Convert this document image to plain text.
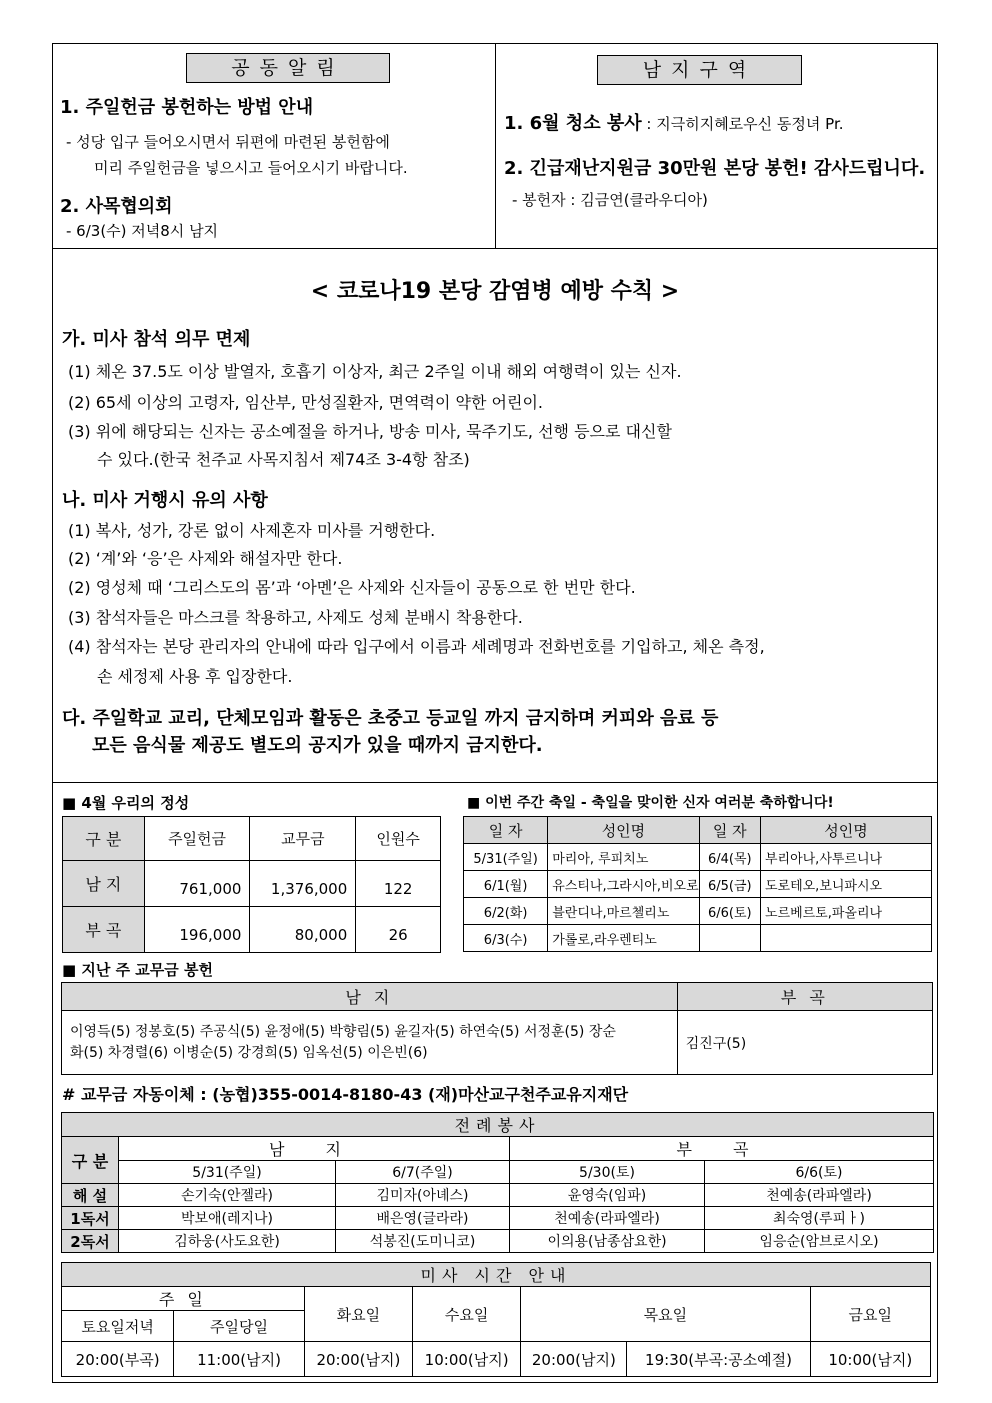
공동알림
1. 주일헌금 봉헌하는 방법 안내
- 성당 입구 들어오시면서 뒤편에 마련된 봉헌함에
미리 주일헌금을 넣으시고 들어오시기 바랍니다.
2. 사목협의회
- 6/3(수) 저녁8시 남지
남지구역
1. 6월 청소 봉사 : 지극히지혜로우신 동정녀 Pr.
2. 긴급재난지원금 30만원 본당 봉헌! 감사드립니다.
- 봉헌자 : 김금연(클라우디아)
< 코로나19 본당 감염병 예방 수칙 >
가. 미사 참석 의무 면제
(1) 체온 37.5도 이상 발열자, 호흡기 이상자, 최근 2주일 이내 해외 여행력이 있는 신자.
(2) 65세 이상의 고령자, 임산부, 만성질환자, 면역력이 약한 어린이.
(3) 위에 해당되는 신자는 공소예절을 하거나, 방송 미사, 묵주기도, 선행 등으로 대신할
수 있다.(한국 천주교 사목지침서 제74조 3-4항 참조)
나. 미사 거행시 유의 사항
(1) 복사, 성가, 강론 없이 사제혼자 미사를 거행한다.
(2) ‘계’와 ‘응’은 사제와 해설자만 한다.
(2) 영성체 때 ‘그리스도의 몸’과 ‘아멘’은 사제와 신자들이 공동으로 한 번만 한다.
(3) 참석자들은 마스크를 착용하고, 사제도 성체 분배시 착용한다.
(4) 참석자는 본당 관리자의 안내에 따라 입구에서 이름과 세례명과 전화번호를 기입하고, 체온 측정,
손 세정제 사용 후 입장한다.
다. 주일학교 교리, 단체모임과 활동은 초중고 등교일 까지 금지하며 커피와 음료 등
모든 음식물 제공도 별도의 공지가 있을 때까지 금지한다.
■ 4월 우리의 정성
구 분	주일헌금	교무금	인원수
남 지	761,000	1,376,000	122
부 곡	196,000	80,000	26
■ 이번 주간 축일 - 축일을 맞이한 신자 여러분 축하합니다!
일 자	성인명	일 자	성인명
5/31(주일)	마리아, 루피치노	6/4(목)	부리아나,사투르니나
6/1(월)	유스티나,그라시아,비오로	6/5(금)	도로테오,보니파시오
6/2(화)	블란디나,마르첼리노	6/6(토)	노르베르토,파올리나
6/3(수)	가롤로,라우렌티노		
■ 지난 주 교무금 봉헌
남 지	부 곡

이영득(5) 정봉호(5) 주공식(5) 윤정애(5) 박향림(5) 윤길자(5) 하연숙(5) 서정훈(5) 장순
화(5) 차경렬(6) 이병순(5) 강경희(5) 임옥선(5) 이은빈(6)	김진구(5)
# 교무금 자동이체 : (농협)355-0014-8180-43 (재)마산교구천주교유지재단
전례봉사				
구 분	남 지		부 곡	
	5/31(주일)	6/7(주일)	5/30(토)	6/6(토)
해 설	손기숙(안젤라)	김미자(아녜스)	윤영숙(임파)	천예송(라파엘라)
1독서	박보애(레지나)	배은영(글라라)	천예송(라파엘라)	최숙영(루피ㅏ)
2독서	김하웅(사도요한)	석봉진(도미니코)	이의용(남종삼요한)	임응순(암브로시오)
미사 시간 안내						
주 일		화요일	수요일	목요일		금요일
토요일저녁	주일당일					
20:00(부곡)	11:00(남지)	20:00(남지)	10:00(남지)	20:00(남지)	19:30(부곡:공소예절)	10:00(남지)
